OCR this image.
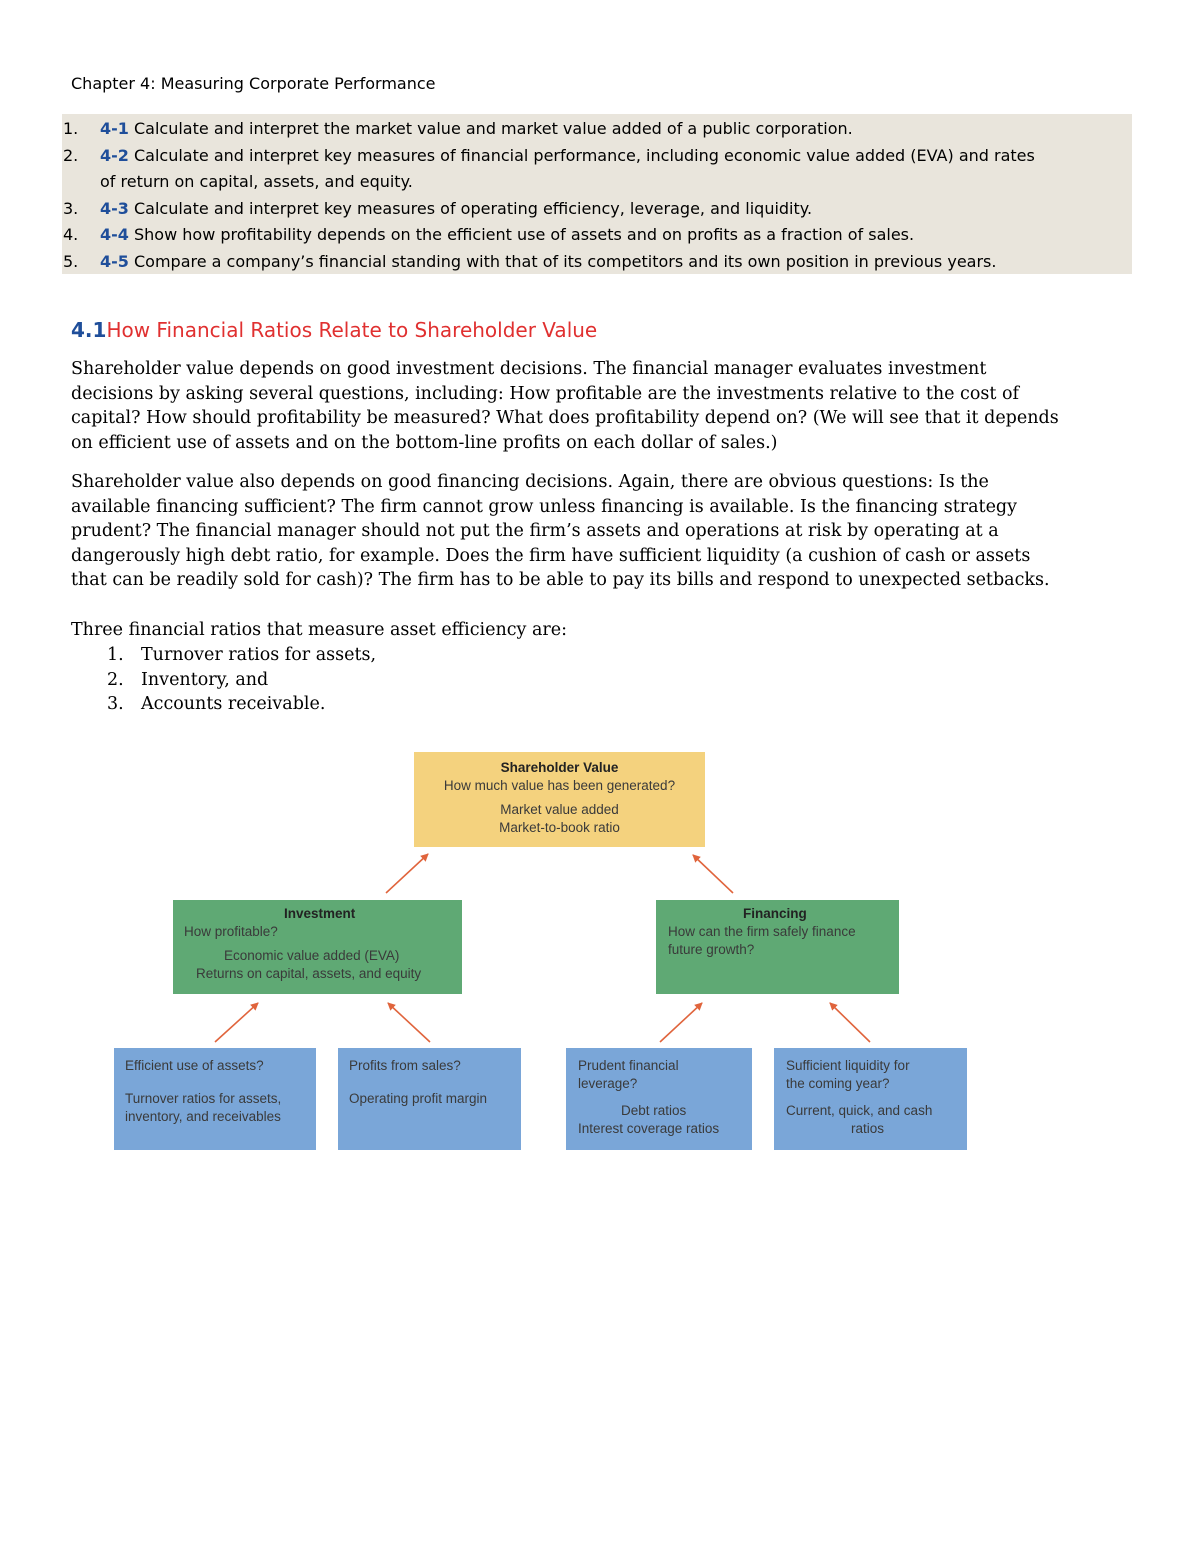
Chapter 4: Measuring Corporate Performance
1. 4-1 Calculate and interpret the market value and market value added of a public corporation.
2. 4-2 Calculate and interpret key measures of financial performance, including economic value added (EVA) and rates
of return on capital, assets, and equity.
3. 4-3 Calculate and interpret key measures of operating efficiency, leverage, and liquidity.
4. 4-4 Show how profitability depends on the efficient use of assets and on profits as a fraction of sales.
5. 4-5 Compare a company’s financial standing with that of its competitors and its own position in previous years.
4.1How Financial Ratios Relate to Shareholder Value
Shareholder value depends on good investment decisions. The financial manager evaluates investment
decisions by asking several questions, including: How profitable are the investments relative to the cost of
capital? How should profitability be measured? What does profitability depend on? (We will see that it depends
on efficient use of assets and on the bottom-line profits on each dollar of sales.)
Shareholder value also depends on good financing decisions. Again, there are obvious questions: Is the
available financing sufficient? The firm cannot grow unless financing is available. Is the financing strategy
prudent? The financial manager should not put the firm’s assets and operations at risk by operating at a
dangerously high debt ratio, for example. Does the firm have sufficient liquidity (a cushion of cash or assets
that can be readily sold for cash)? The firm has to be able to pay its bills and respond to unexpected setbacks.
Three financial ratios that measure asset efficiency are:
1. Turnover ratios for assets,
2. Inventory, and
3. Accounts receivable.
Shareholder Value
How much value has been generated?
Market value added
Market-to-book ratio
Investment
How profitable?
Economic value added (EVA)
Returns on capital, assets, and equity
Financing
How can the firm safely finance
future growth?
Efficient use of assets?
Turnover ratios for assets,
inventory, and receivables
Profits from sales?
Operating profit margin
Prudent financial
leverage?
Debt ratios
Interest coverage ratios
Sufficient liquidity for
the coming year?
Current, quick, and cash
ratios
